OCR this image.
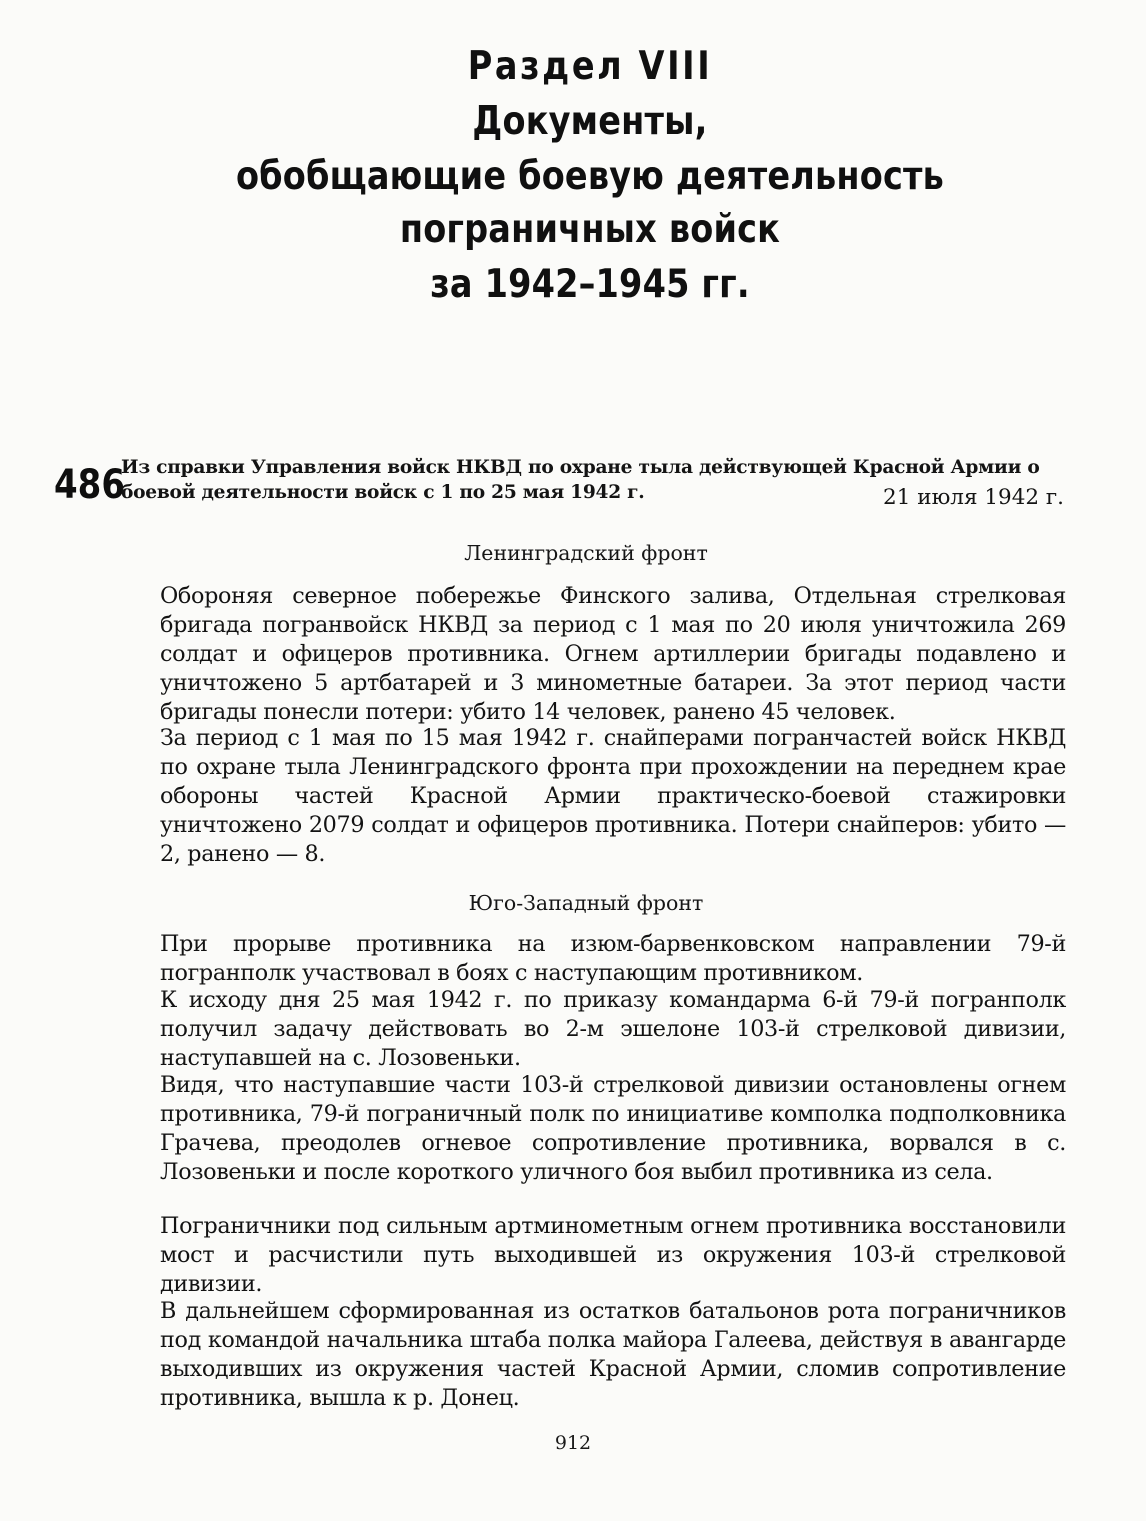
Раздел VIII
Документы,
обобщающие боевую деятельность пограничных войск
за 1942–1945 гг.
486
Из справки Управления войск НКВД по охране тыла действующей Красной Армии о боевой деятельности войск с 1 по 25 мая 1942 г.	21 июля 1942 г.
Ленинградский фронт

Обороняя северное побережье Финского залива, Отдельная стрелковая бригада погранвойск НКВД за период с 1 мая по 20 июля уничтожила 269 солдат и офицеров противника. Огнем артиллерии бригады подавлено и уничтожено 5 артбатарей и 3 минометные батареи. За этот период части бригады понесли потери: убито 14 человек, ранено 45 человек.

За период с 1 мая по 15 мая 1942 г. снайперами погранчастей войск НКВД по охране тыла Ленинградского фронта при прохождении на переднем крае обороны частей Красной Армии практическо-боевой стажировки уничтожено 2079 солдат и офицеров противника. Потери снайперов: убито — 2, ранено — 8.

Юго-Западный фронт

При прорыве противника на изюм-барвенковском направлении 79-й погранполк участвовал в боях с наступающим противником.

К исходу дня 25 мая 1942 г. по приказу командарма 6-й 79-й погранполк получил задачу действовать во 2-м эшелоне 103-й стрелковой дивизии, наступавшей на с. Лозовеньки.

Видя, что наступавшие части 103-й стрелковой дивизии остановлены огнем противника, 79-й пограничный полк по инициативе комполка подполковника Грачева, преодолев огневое сопротивление противника, ворвался в с. Лозовеньки и после короткого уличного боя выбил противника из села.

Пограничники под сильным артминометным огнем противника восстановили мост и расчистили путь выходившей из окружения 103-й стрелковой дивизии.

В дальнейшем сформированная из остатков батальонов рота пограничников под командой начальника штаба полка майора Галеева, действуя в авангарде выходивших из окружения частей Красной Армии, сломив сопротивление противника, вышла к р. Донец.

912
